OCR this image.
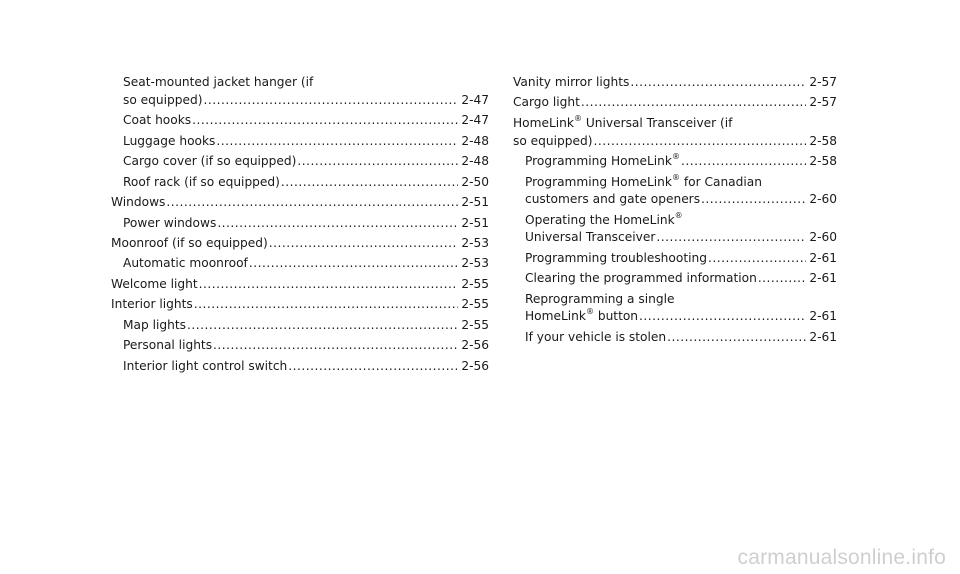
Seat-mounted jacket hanger (if
so equipped) .....	2-47
Coat hooks .....	2-47
Luggage hooks .....	2-48
Cargo cover (if so equipped) .....	2-48
Roof rack (if so equipped) .....	2-50
Windows .....	2-51
Power windows .....	2-51
Moonroof (if so equipped) .....	2-53
Automatic moonroof .....	2-53
Welcome light .....	2-55
Interior lights .....	2-55
Map lights .....	2-55
Personal lights .....	2-56
Interior light control switch .....	2-56
Vanity mirror lights .....	2-57
Cargo light .....	2-57
HomeLink® Universal Transceiver (if
so equipped) .....	2-58
Programming HomeLink® .....	2-58
Programming HomeLink® for Canadian
customers and gate openers .....	2-60
Operating the HomeLink®
Universal Transceiver .....	2-60
Programming troubleshooting .....	2-61
Clearing the programmed information .....	2-61
Reprogramming a single
HomeLink® button .....	2-61
If your vehicle is stolen .....	2-61
carmanualsonline.info
